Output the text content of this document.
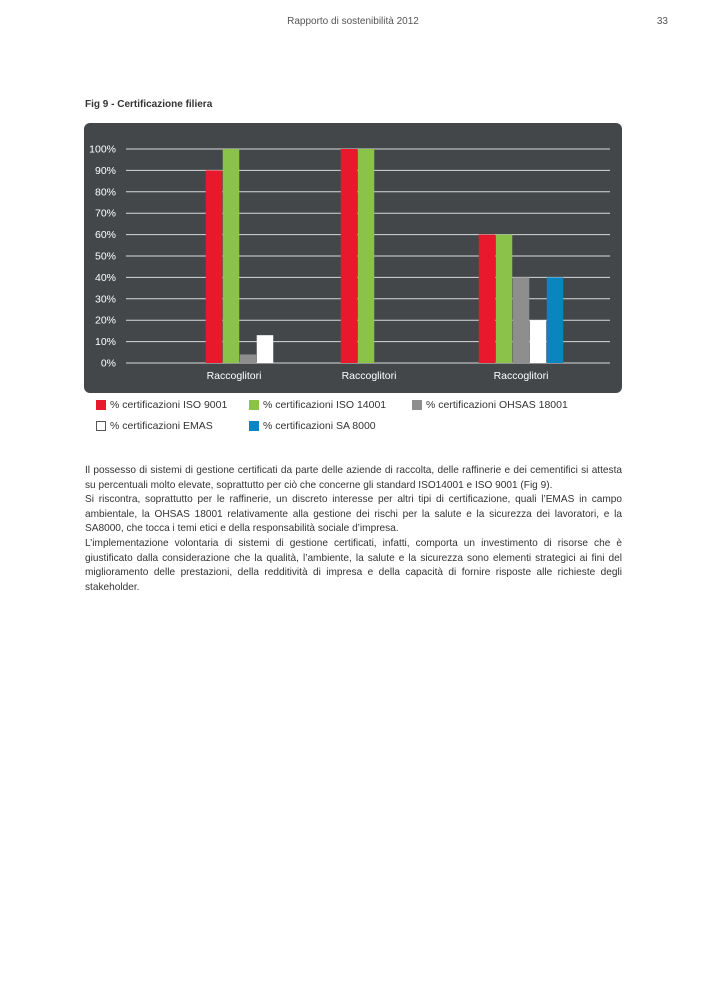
Rapporto di sostenibilità 2012	33
Fig 9 - Certificazione filiera
0%
10%
20%
30%
40%
50%
60%
70%
80%
90%
100%
Raccoglitori	Raccoglitori	Raccoglitori
% certificazioni ISO 9001	% certificazioni ISO 14001	% certificazioni OHSAS 18001
% certificazioni EMAS	% certificazioni SA 8000

Il possesso di sistemi di gestione certificati da parte delle aziende di raccolta, delle raffinerie e dei cementifici si attesta su percentuali molto elevate, soprattutto per ciò che concerne gli standard ISO14001 e ISO 9001 (Fig 9).

Si riscontra, soprattutto per le raffinerie, un discreto interesse per altri tipi di certificazione, quali l’EMAS in campo ambientale, la OHSAS 18001 relativamente alla gestione dei rischi per la salute e la sicurezza dei lavoratori, e la SA8000, che tocca i temi etici e della responsabilità sociale d’impresa.

L’implementazione volontaria di sistemi di gestione certificati, infatti, comporta un investimento di risorse che è giustificato dalla considerazione che la qualità, l’ambiente, la salute e la sicurezza sono elementi strategici ai fini del miglioramento delle prestazioni, della redditività di impresa e della capacità di fornire risposte alle richieste degli stakeholder.
